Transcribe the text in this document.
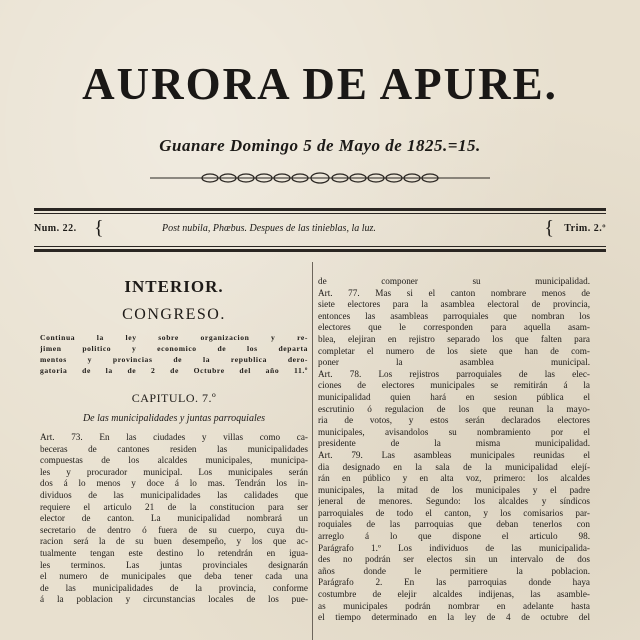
AURORA DE APURE.
Guanare Domingo 5 de Mayo de 1825.=15.
Num. 22. {	Post nubila, Phœbus. Despues de las tinieblas, la luz.	{ Trim. 2.º
INTERIOR.
CONGRESO.
Continua la ley sobre organizacion y re-
jimen politico y economico de los departa
mentos y provincias de la republica dero-
gatoria de la de 2 de Octubre del año 11.º
CAPITULO. 7.º
De las municipalidades y juntas parroquiales
Art. 73. En las ciudades y villas como ca-
beceras de cantones residen las municipalidades
compuestas de los alcaldes municipales, municipa-
les y procurador municipal. Los municipales serán
dos á lo menos y doce á lo mas. Tendrán los in-
dividuos de las municipalidades las calidades que
requiere el articulo 21 de la constitucion para ser
elector de canton. La municipalidad nombrará un
secretario de dentro ó fuera de su cuerpo, cuya du-
racion será la de su buen desempeño, y los que ac-
tualmente tengan este destino lo retendrán en igua-
les terminos. Las juntas provinciales designarán
el numero de municipales que deba tener cada una
de las municipalidades de la provincia, conforme
á la poblacion y circunstancias locales de los pue-
de componer su municipalidad.
Art. 77. Mas si el canton nombrare menos de
siete electores para la asamblea electoral de provincia,
entonces las asambleas parroquiales que nombran los
electores que le corresponden para aquella asam-
blea, elejiran en rejistro separado los que falten para
completar el numero de los siete que han de com-
poner la asamblea municipal.
Art. 78. Los rejistros parroquiales de las elec-
ciones de electores municipales se remitirán á la
municipalidad quien hará en sesion pública el
escrutinio ó regulacion de los que reunan la mayo-
ria de votos, y estos serán declarados electores
municipales, avisandolos su nombramiento por el
presidente de la misma municipalidad.
Art. 79. Las asambleas municipales reunidas el
dia designado en la sala de la municipalidad elejí-
rán en público y en alta voz, primero: los alcaldes
municipales, la mitad de los municipales y el padre
jeneral de menores. Segundo: los alcaldes y síndicos
parroquiales de todo el canton, y los comisarios par-
roquiales de las parroquias que deban tenerlos con
arreglo á lo que dispone el articulo 98.
Parágrafo 1.º Los individuos de las municipalida-
des no podrán ser electos sin un intervalo de dos
años donde le permitiere la poblacion.
Parágrafo 2. En las parroquias donde haya
costumbre de elejir alcaldes indijenas, las asamble-
as municipales podrán nombrar en adelante hasta
el tiempo determinado en la ley de 4 de octubre del
